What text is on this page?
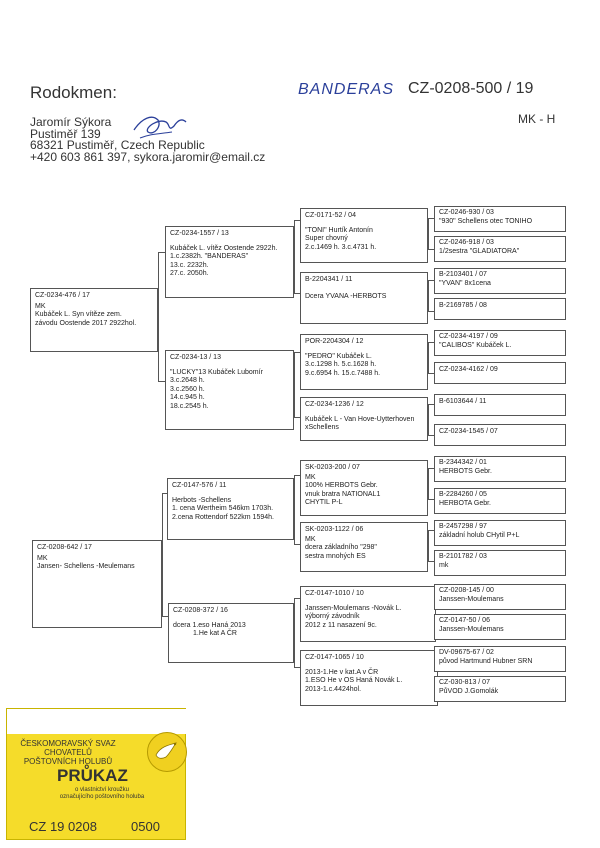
Rodokmen:	BANDERAS CZ-0208-500 / 19
MK - H
Jaromír Sýkora
Pustiměř 139
68321 Pustiměř, Czech Republic
+420 603 861 397, sykora.jaromir@email.cz
CZ-0234-476 / 17
MK
Kubáček L. Syn vítěze zem.
závodu Oostende 2017 2922hol.
CZ-0208-642 / 17
MK
Jansen- Schellens -Meulemans
CZ-0234-1557 / 13
Kubáček L. vítěz Oostende 2922h.
1.c.2382h. "BANDERAS"
13.c. 2232h.
27.c. 2050h.
CZ-0234-13 / 13
"LUCKY"13 Kubáček Lubomír
3.c.2648 h.
3.c.2560 h.
14.c.945 h.
18.c.2545 h.
CZ-0147-576 / 11
Herbots -Schellens
1. cena Wertheim 546km 1703h.
2.cena Rottendorf 522km 1594h.
CZ-0208-372 / 16
dcera 1.eso Haná 2013
1.He kat A ČR
CZ-0171-52 / 04
"TONI" Hurtík Antonín
Super chovný
2.c.1469 h. 3.c.4731 h.
B-2204341 / 11
Dcera YVANA -HERBOTS
POR-2204304 / 12
"PEDRO" Kubáček L.
3.c.1298 h. 5.c.1628 h.
9.c.6954 h. 15.c.7488 h.
CZ-0234-1236 / 12
Kubáček L - Van Hove-Uytterhoven
xSchellens
SK-0203-200 / 07
MK
100% HERBOTS Gebr.
vnuk bratra NATIONAL1
CHYTIL P-L
SK-0203-1122 / 06
MK
dcera základního "298"
sestra mnohých ES
CZ-0147-1010 / 10
Janssen-Moulemans -Novák L.
výborný závodník
2012 z 11 nasazení 9c.
CZ-0147-1065 / 10
2013-1.He v kat.A v ČR
1.ESO He v OS Haná Novák L.
2013-1.c.4424hol.
CZ-0246-930 / 03
"930" Schellens otec TONIHO
CZ-0246-918 / 03
1/2sestra "GLADIATORA"
B-2103401 / 07
"YVAN" 8x1cena
B-2169785 / 08
CZ-0234-4197 / 09
"CALIBOS" Kubáček L.
CZ-0234-4162 / 09
B-6103644 / 11
CZ-0234-1545 / 07
B-2344342 / 01
HERBOTS Gebr.
B-2284260 / 05
HERBOTA Gebr.
B-2457298 / 97
základní holub CHytil P+L
B-2101782 / 03
mk
CZ-0208-145 / 00
Janssen-Moulemans
CZ-0147-50 / 06
Janssen-Moulemans
DV-09675-67 / 02
původ Hartmund Hubner SRN
CZ-030-813 / 07
PůVOD J.Gomolák
ČESKOMORAVSKÝ SVAZ
CHOVATELŮ
POŠTOVNÍCH HOLUBŮ
PRŮKAZ
o vlastnictví kroužku
označujícího poštovního holuba
CZ 19 0208	0500
